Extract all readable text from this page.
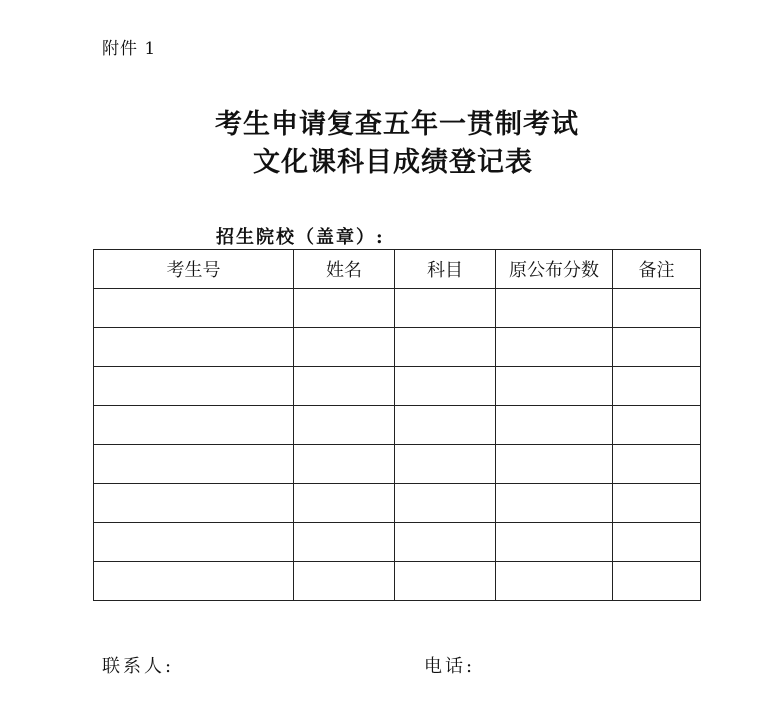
附件 1
考生申请复查五年一贯制考试
文化课科目成绩登记表
招生院校（盖章）:
考生号	姓名	科目	原公布分数	备注

联系人:	电话:
